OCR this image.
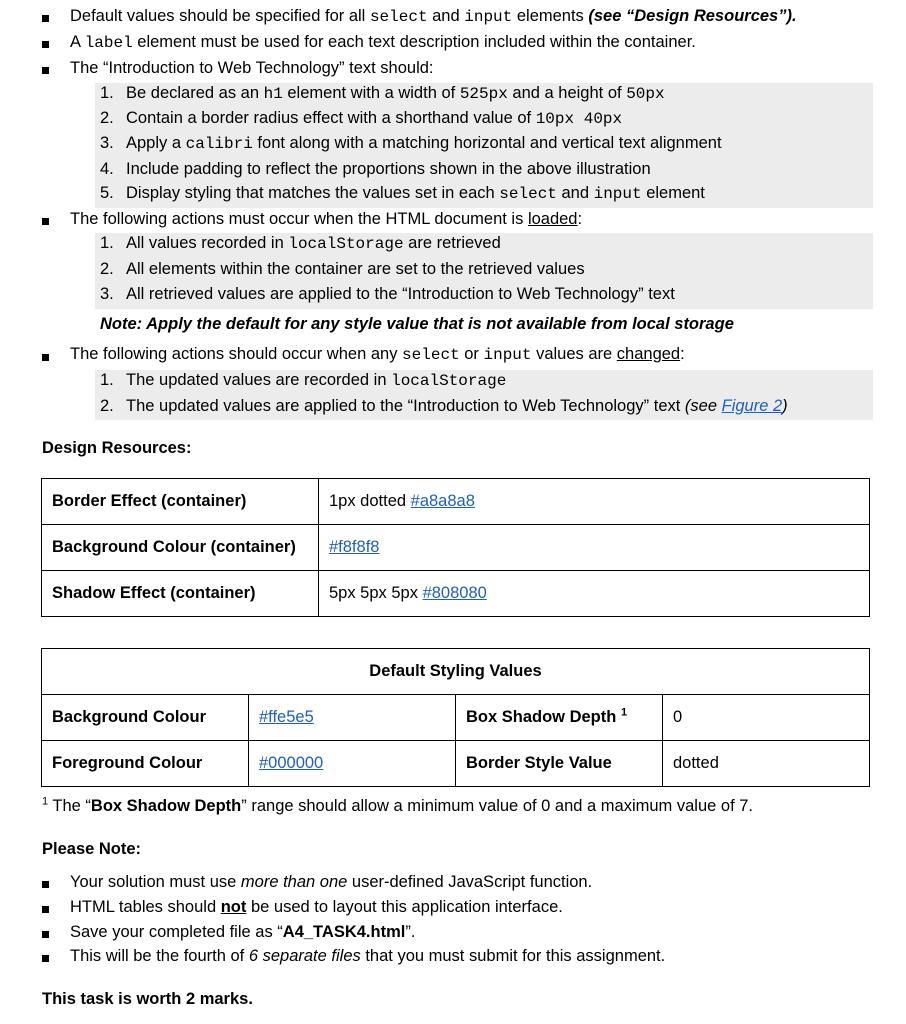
Default values should be specified for all select and input elements (see “Design Resources”).
A label element must be used for each text description included within the container.
The “Introduction to Web Technology” text should:
1. Be declared as an h1 element with a width of 525px and a height of 50px
2. Contain a border radius effect with a shorthand value of 10px 40px
3. Apply a calibri font along with a matching horizontal and vertical text alignment
4. Include padding to reflect the proportions shown in the above illustration
5. Display styling that matches the values set in each select and input element
The following actions must occur when the HTML document is loaded:
1. All values recorded in localStorage are retrieved
2. All elements within the container are set to the retrieved values
3. All retrieved values are applied to the “Introduction to Web Technology” text
Note: Apply the default for any style value that is not available from local storage
The following actions should occur when any select or input values are changed:
1. The updated values are recorded in localStorage
2. The updated values are applied to the “Introduction to Web Technology” text (see Figure 2)
Design Resources:
Border Effect (container)	1px dotted #a8a8a8
Background Colour (container)	#f8f8f8
Shadow Effect (container)	5px 5px 5px #808080
Default Styling Values			
Background Colour	#ffe5e5	Box Shadow Depth $^1$	0
Foreground Colour	#000000	Border Style Value	dotted
$^1$ The “Box Shadow Depth” range should allow a minimum value of 0 and a maximum value of 7.
Please Note:
Your solution must use more than one user-defined JavaScript function.
HTML tables should not be used to layout this application interface.
Save your completed file as “A4_TASK4.html”.
This will be the fourth of 6 separate files that you must submit for this assignment.
This task is worth 2 marks.
